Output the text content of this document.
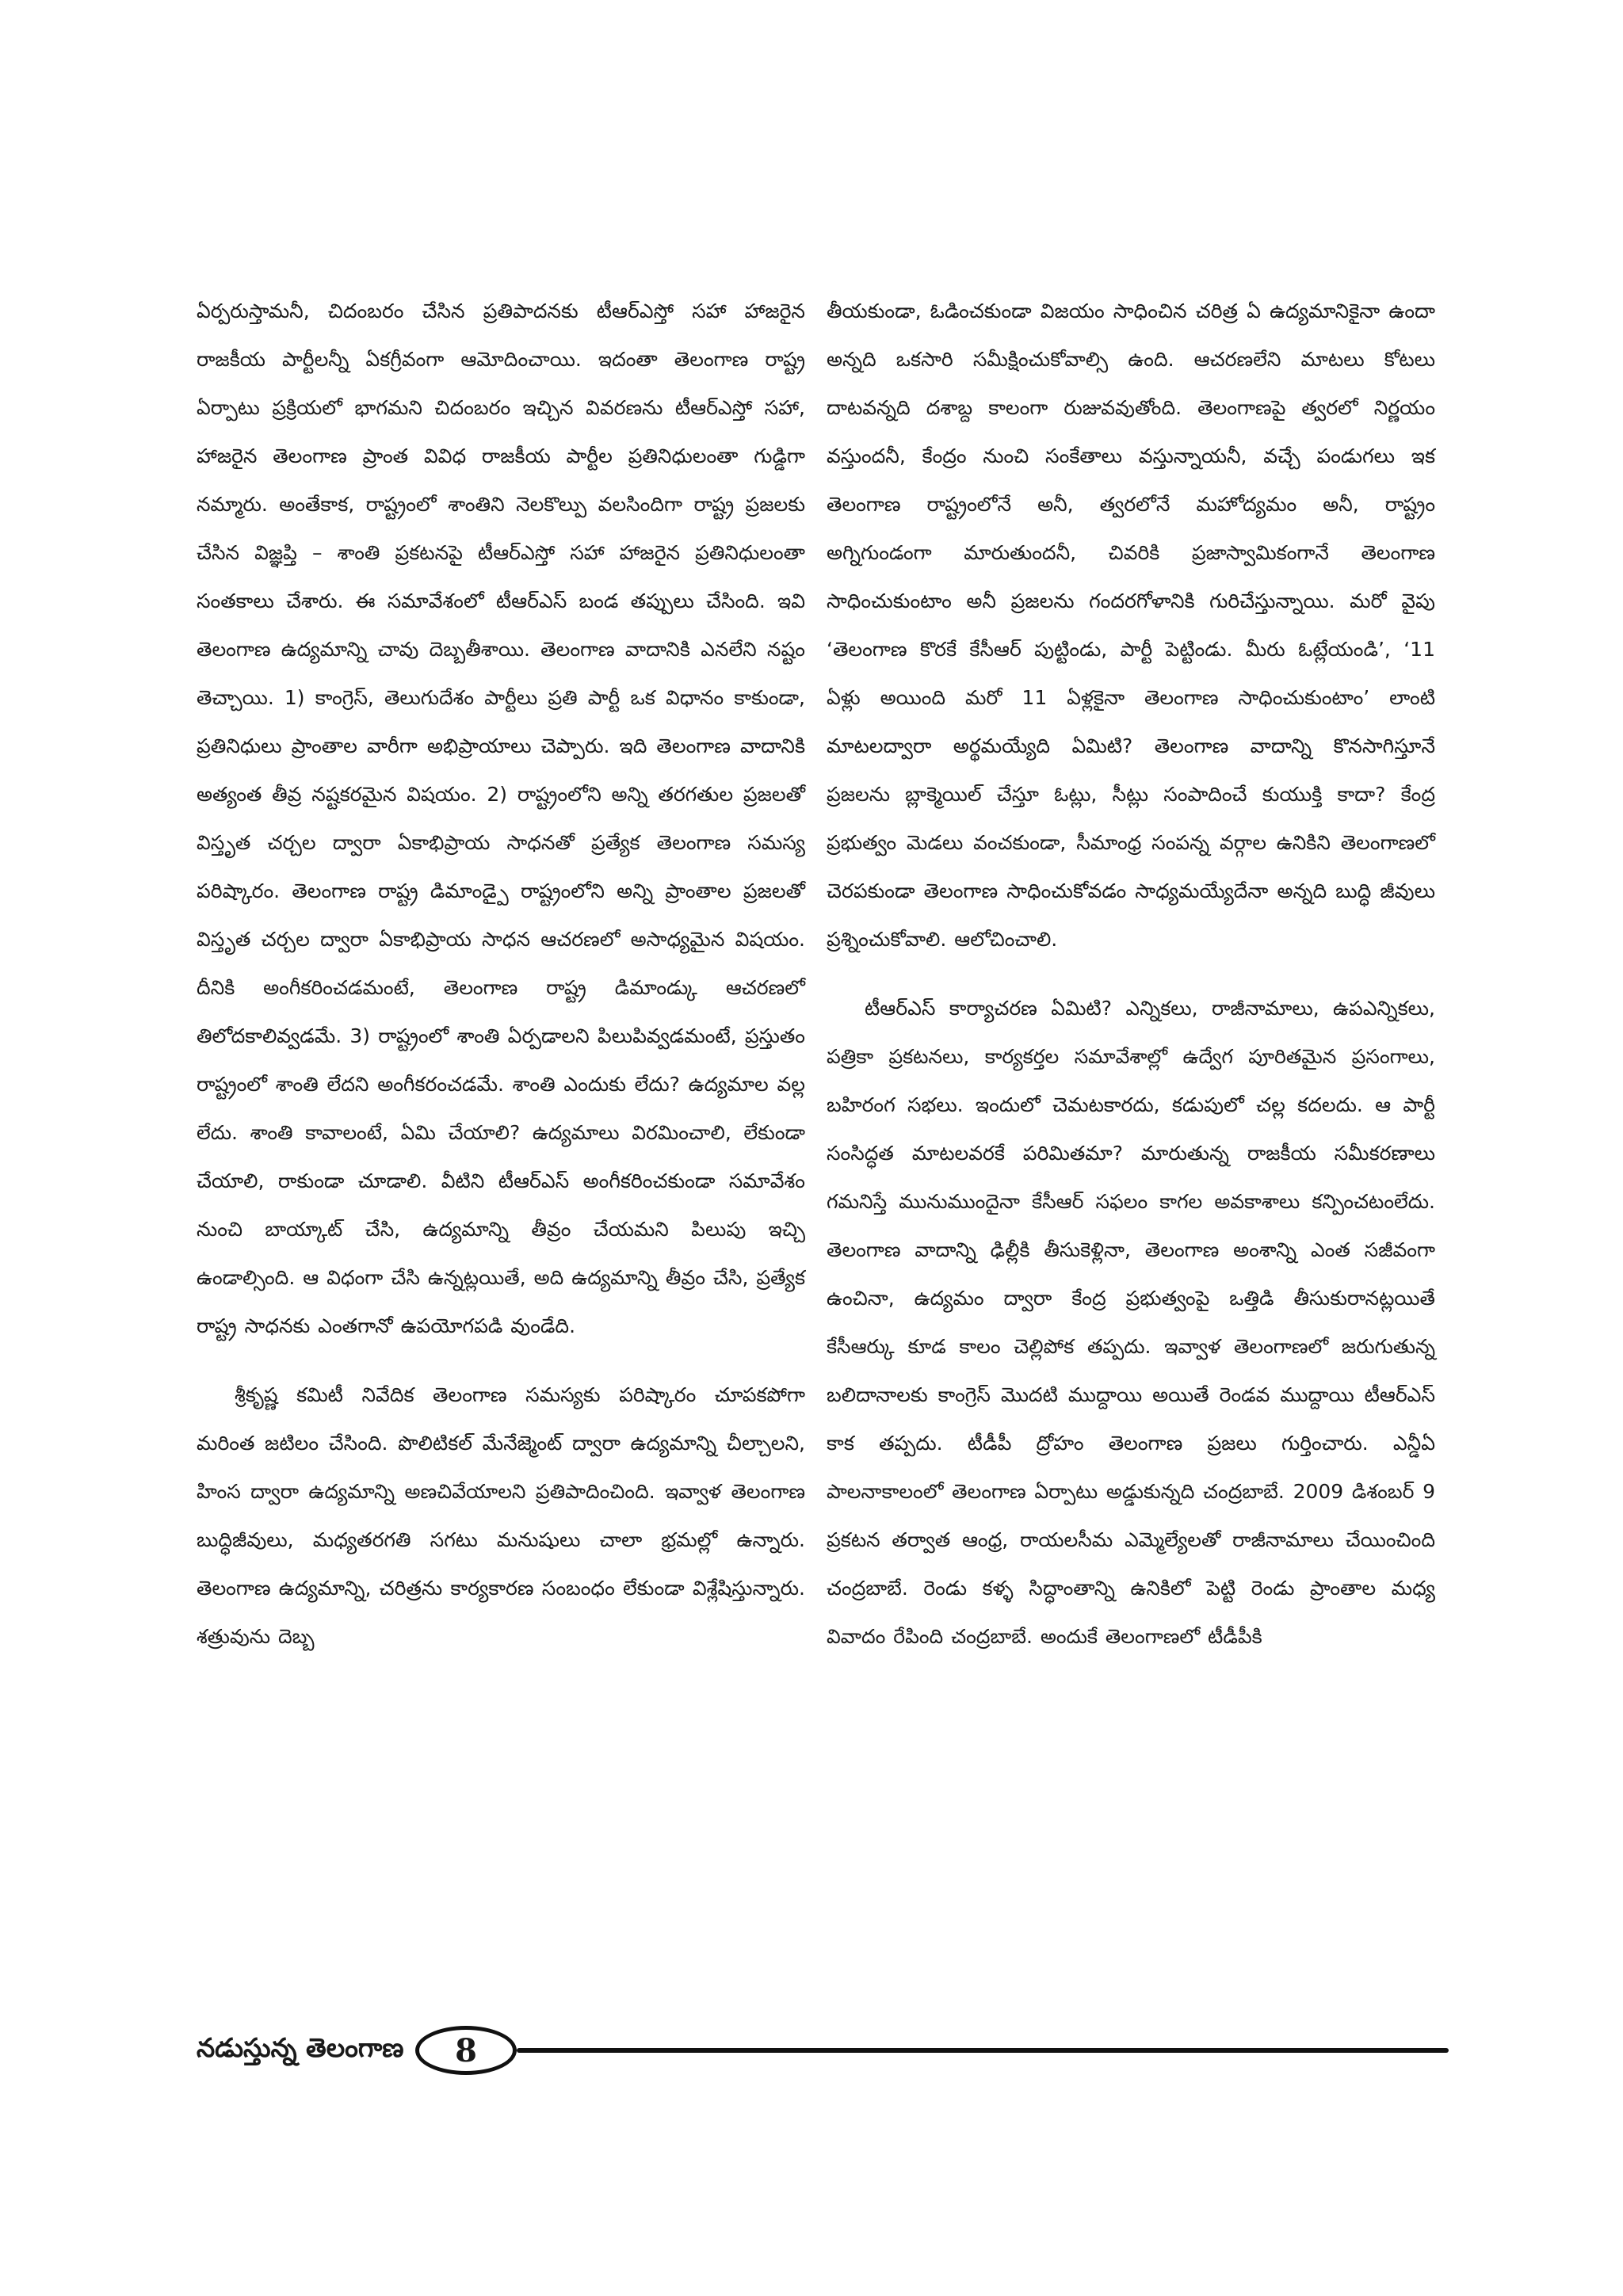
ఏర్పరుస్తామనీ, చిదంబరం చేసిన ప్రతిపాదనకు టీఆర్ఎస్తో సహా హాజరైన రాజకీయ పార్టీలన్నీ ఏకగ్రీవంగా ఆమోదించాయి. ఇదంతా తెలంగాణ రాష్ట్ర ఏర్పాటు ప్రక్రియలో భాగమని చిదంబరం ఇచ్చిన వివరణను టీఆర్ఎస్తో సహా, హాజరైన తెలంగాణ ప్రాంత వివిధ రాజకీయ పార్టీల ప్రతినిధులంతా గుడ్డిగా నమ్మారు. అంతేకాక, రాష్ట్రంలో శాంతిని నెలకొల్పు వలసిందిగా రాష్ట్ర ప్రజలకు చేసిన విజ్ఞప్తి – శాంతి ప్రకటనపై టీఆర్ఎస్తో సహా హాజరైన ప్రతినిధులంతా సంతకాలు చేశారు. ఈ సమావేశంలో టీఆర్ఎస్ బండ తప్పులు చేసింది. ఇవి తెలంగాణ ఉద్యమాన్ని చావు దెబ్బతీశాయి. తెలంగాణ వాదానికి ఎనలేని నష్టం తెచ్చాయి. 1) కాంగ్రెస్, తెలుగుదేశం పార్టీలు ప్రతి పార్టీ ఒక విధానం కాకుండా, ప్రతినిధులు ప్రాంతాల వారీగా అభిప్రాయాలు చెప్పారు. ఇది తెలంగాణ వాదానికి అత్యంత తీవ్ర నష్టకరమైన విషయం. 2) రాష్ట్రంలోని అన్ని తరగతుల ప్రజలతో విస్తృత చర్చల ద్వారా ఏకాభిప్రాయ సాధనతో ప్రత్యేక తెలంగాణ సమస్య పరిష్కారం. తెలంగాణ రాష్ట్ర డిమాండ్పై రాష్ట్రంలోని అన్ని ప్రాంతాల ప్రజలతో విస్తృత చర్చల ద్వారా ఏకాభిప్రాయ సాధన ఆచరణలో అసాధ్యమైన విషయం. దీనికి అంగీకరించడమంటే, తెలంగాణ రాష్ట్ర డిమాండ్కు ఆచరణలో తిలోదకాలివ్వడమే. 3) రాష్ట్రంలో శాంతి ఏర్పడాలని పిలుపివ్వడమంటే, ప్రస్తుతం రాష్ట్రంలో శాంతి లేదని అంగీకరంచడమే. శాంతి ఎందుకు లేదు? ఉద్యమాల వల్ల లేదు. శాంతి కావాలంటే, ఏమి చేయాలి? ఉద్యమాలు విరమించాలి, లేకుండా చేయాలి, రాకుండా చూడాలి. వీటిని టీఆర్ఎస్ అంగీకరించకుండా సమావేశం నుంచి బాయ్కాట్ చేసి, ఉద్యమాన్ని తీవ్రం చేయమని పిలుపు ఇచ్చి ఉండాల్సింది. ఆ విధంగా చేసి ఉన్నట్లయితే, అది ఉద్యమాన్ని తీవ్రం చేసి, ప్రత్యేక రాష్ట్ర సాధనకు ఎంతగానో ఉపయోగపడి వుండేది.

శ్రీకృష్ణ కమిటీ నివేదిక తెలంగాణ సమస్యకు పరిష్కారం చూపకపోగా మరింత జటిలం చేసింది. పొలిటికల్ మేనేజ్మెంట్ ద్వారా ఉద్యమాన్ని చీల్చాలని, హింస ద్వారా ఉద్యమాన్ని అణచివేయాలని ప్రతిపాదించింది. ఇవ్వాళ తెలంగాణ బుద్ధిజీవులు, మధ్యతరగతి సగటు మనుషులు చాలా భ్రమల్లో ఉన్నారు. తెలంగాణ ఉద్యమాన్ని, చరిత్రను కార్యకారణ సంబంధం లేకుండా విశ్లేషిస్తున్నారు. శత్రువును దెబ్బ

తీయకుండా, ఓడించకుండా విజయం సాధించిన చరిత్ర ఏ ఉద్యమానికైనా ఉందా అన్నది ఒకసారి సమీక్షించుకోవాల్సి ఉంది. ఆచరణలేని మాటలు కోటలు దాటవన్నది దశాబ్ద కాలంగా రుజువవుతోంది. తెలంగాణపై త్వరలో నిర్ణయం వస్తుందనీ, కేంద్రం నుంచి సంకేతాలు వస్తున్నాయనీ, వచ్చే పండుగలు ఇక తెలంగాణ రాష్ట్రంలోనే అనీ, త్వరలోనే మహోద్యమం అనీ, రాష్ట్రం అగ్నిగుండంగా మారుతుందనీ, చివరికి ప్రజాస్వామికంగానే తెలంగాణ సాధించుకుంటాం అనీ ప్రజలను గందరగోళానికి గురిచేస్తున్నాయి. మరో వైపు ‘తెలంగాణ కొరకే కేసీఆర్ పుట్టిండు, పార్టీ పెట్టిండు. మీరు ఓట్లేయండి’, ‘11 ఏళ్లు అయింది మరో 11 ఏళ్లకైనా తెలంగాణ సాధించుకుంటాం’ లాంటి మాటలద్వారా అర్థమయ్యేది ఏమిటి? తెలంగాణ వాదాన్ని కొనసాగిస్తూనే ప్రజలను బ్లాక్మెయిల్ చేస్తూ ఓట్లు, సీట్లు సంపాదించే కుయుక్తి కాదా? కేంద్ర ప్రభుత్వం మెడలు వంచకుండా, సీమాంధ్ర సంపన్న వర్గాల ఉనికిని తెలంగాణలో చెరపకుండా తెలంగాణ సాధించుకోవడం సాధ్యమయ్యేదేనా అన్నది బుద్ధి జీవులు ప్రశ్నించుకోవాలి. ఆలోచించాలి.

టీఆర్ఎస్ కార్యాచరణ ఏమిటి? ఎన్నికలు, రాజీనామాలు, ఉపఎన్నికలు, పత్రికా ప్రకటనలు, కార్యకర్తల సమావేశాల్లో ఉద్వేగ పూరితమైన ప్రసంగాలు, బహిరంగ సభలు. ఇందులో చెమటకారదు, కడుపులో చల్ల కదలదు. ఆ పార్టీ సంసిద్ధత మాటలవరకే పరిమితమా? మారుతున్న రాజకీయ సమీకరణాలు గమనిస్తే మునుముందైనా కేసీఆర్ సఫలం కాగల అవకాశాలు కన్పించటంలేదు. తెలంగాణ వాదాన్ని ఢిల్లీకి తీసుకెళ్లినా, తెలంగాణ అంశాన్ని ఎంత సజీవంగా ఉంచినా, ఉద్యమం ద్వారా కేంద్ర ప్రభుత్వంపై ఒత్తిడి తీసుకురానట్లయితే కేసీఆర్కు కూడ కాలం చెల్లిపోక తప్పదు. ఇవ్వాళ తెలంగాణలో జరుగుతున్న బలిదానాలకు కాంగ్రెస్ మొదటి ముద్దాయి అయితే రెండవ ముద్దాయి టీఆర్ఎస్ కాక తప్పదు. టీడీపీ ద్రోహం తెలంగాణ ప్రజలు గుర్తించారు. ఎన్డీఏ పాలనాకాలంలో తెలంగాణ ఏర్పాటు అడ్డుకున్నది చంద్రబాబే. 2009 డిశంబర్ 9 ప్రకటన తర్వాత ఆంధ్ర, రాయలసీమ ఎమ్మెల్యేలతో రాజీనామాలు చేయించింది చంద్రబాబే. రెండు కళ్ళ సిద్ధాంతాన్ని ఉనికిలో పెట్టి రెండు ప్రాంతాల మధ్య వివాదం రేపింది చంద్రబాబే. అందుకే తెలంగాణలో టీడీపీకి

నడుస్తున్న తెలంగాణ 8
